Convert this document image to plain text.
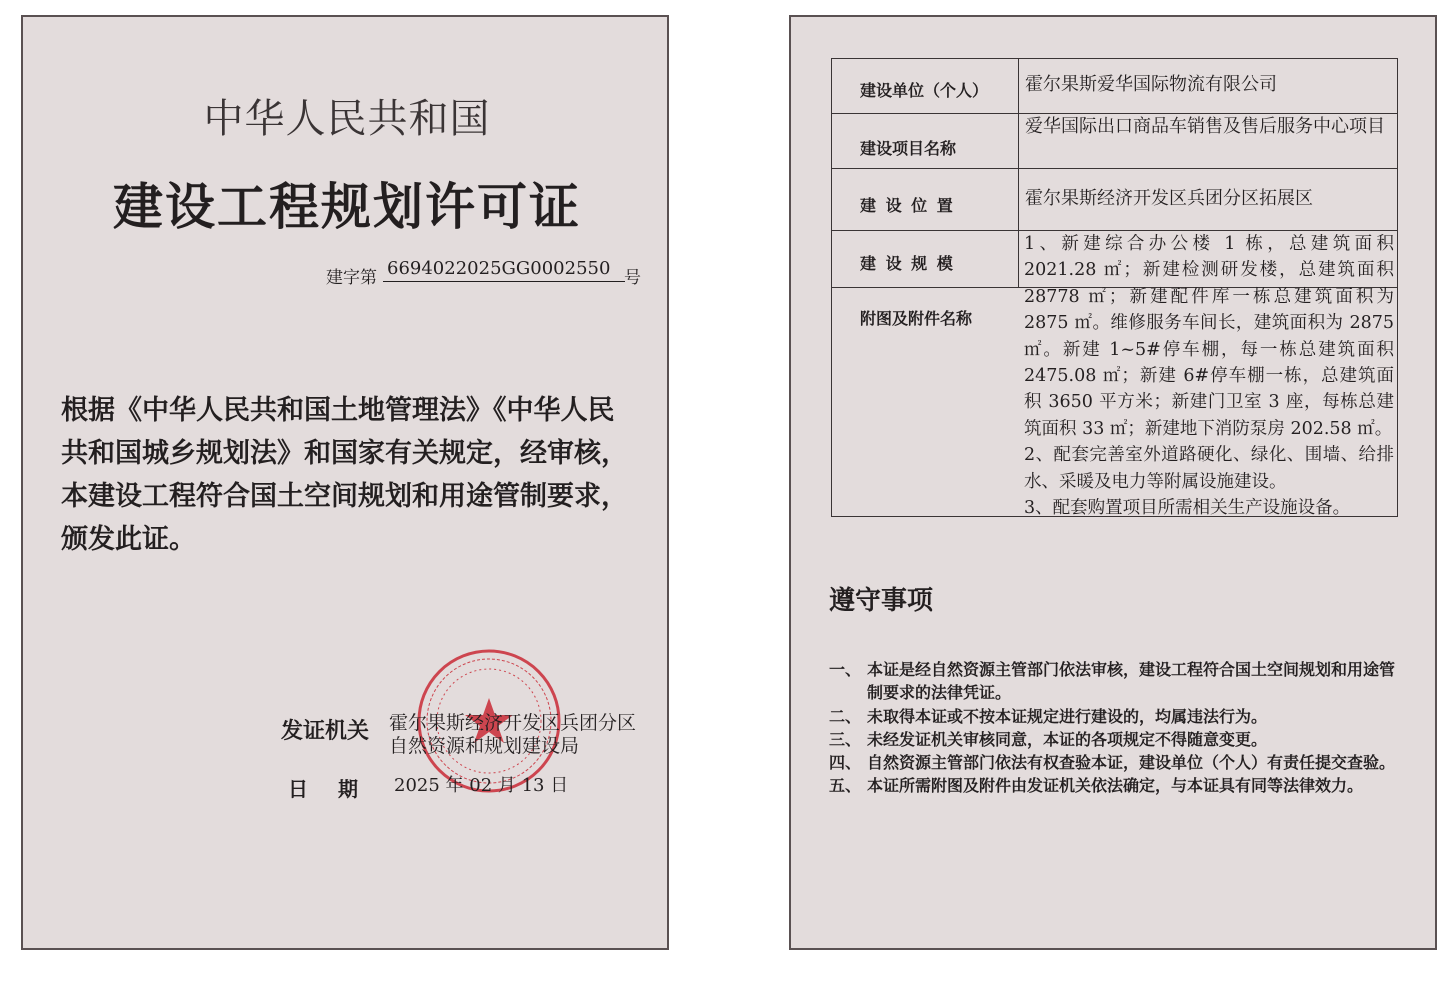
中华人民共和国
建设工程规划许可证
建字第 6694022025GG0002550 号
根据《中华人民共和国土地管理法》《中华人民共和国城乡规划法》和国家有关规定，经审核，本建设工程符合国土空间规划和用途管制要求，颁发此证。
发证机关 霍尔果斯经济开发区兵团分区
自然资源和规划建设局
日期 2025 年 02 月 13 日
建设单位（个人） 霍尔果斯爱华国际物流有限公司
建设项目名称
爱华国际出口商品车销售及售后服务中心项目
建 设 位 置	霍尔果斯经济开发区兵团分区拓展区
建 设 规 模
附图及附件名称

1、新建综合办公楼 1 栋，总建筑面积 2021.28 ㎡；新建检测研发楼，总建筑面积 28778 ㎡；新建配件库一栋总建筑面积为 2875 ㎡。维修服务车间长，建筑面积为 2875 ㎡。新建 1~5#停车棚，每一栋总建筑面积 2475.08 ㎡；新建 6#停车棚一栋，总建筑面积 3650 平方米；新建门卫室 3 座，每栋总建筑面积 33 ㎡；新建地下消防泵房 202.58 ㎡。

2、配套完善室外道路硬化、绿化、围墙、给排水、采暖及电力等附属设施建设。

3、配套购置项目所需相关生产设施设备。

遵守事项
一、 本证是经自然资源主管部门依法审核，建设工程符合国土空间规划和用途管制要求的法律凭证。
二、 未取得本证或不按本证规定进行建设的，均属违法行为。
三、 未经发证机关审核同意，本证的各项规定不得随意变更。
四、 自然资源主管部门依法有权查验本证，建设单位（个人）有责任提交查验。
五、 本证所需附图及附件由发证机关依法确定，与本证具有同等法律效力。
